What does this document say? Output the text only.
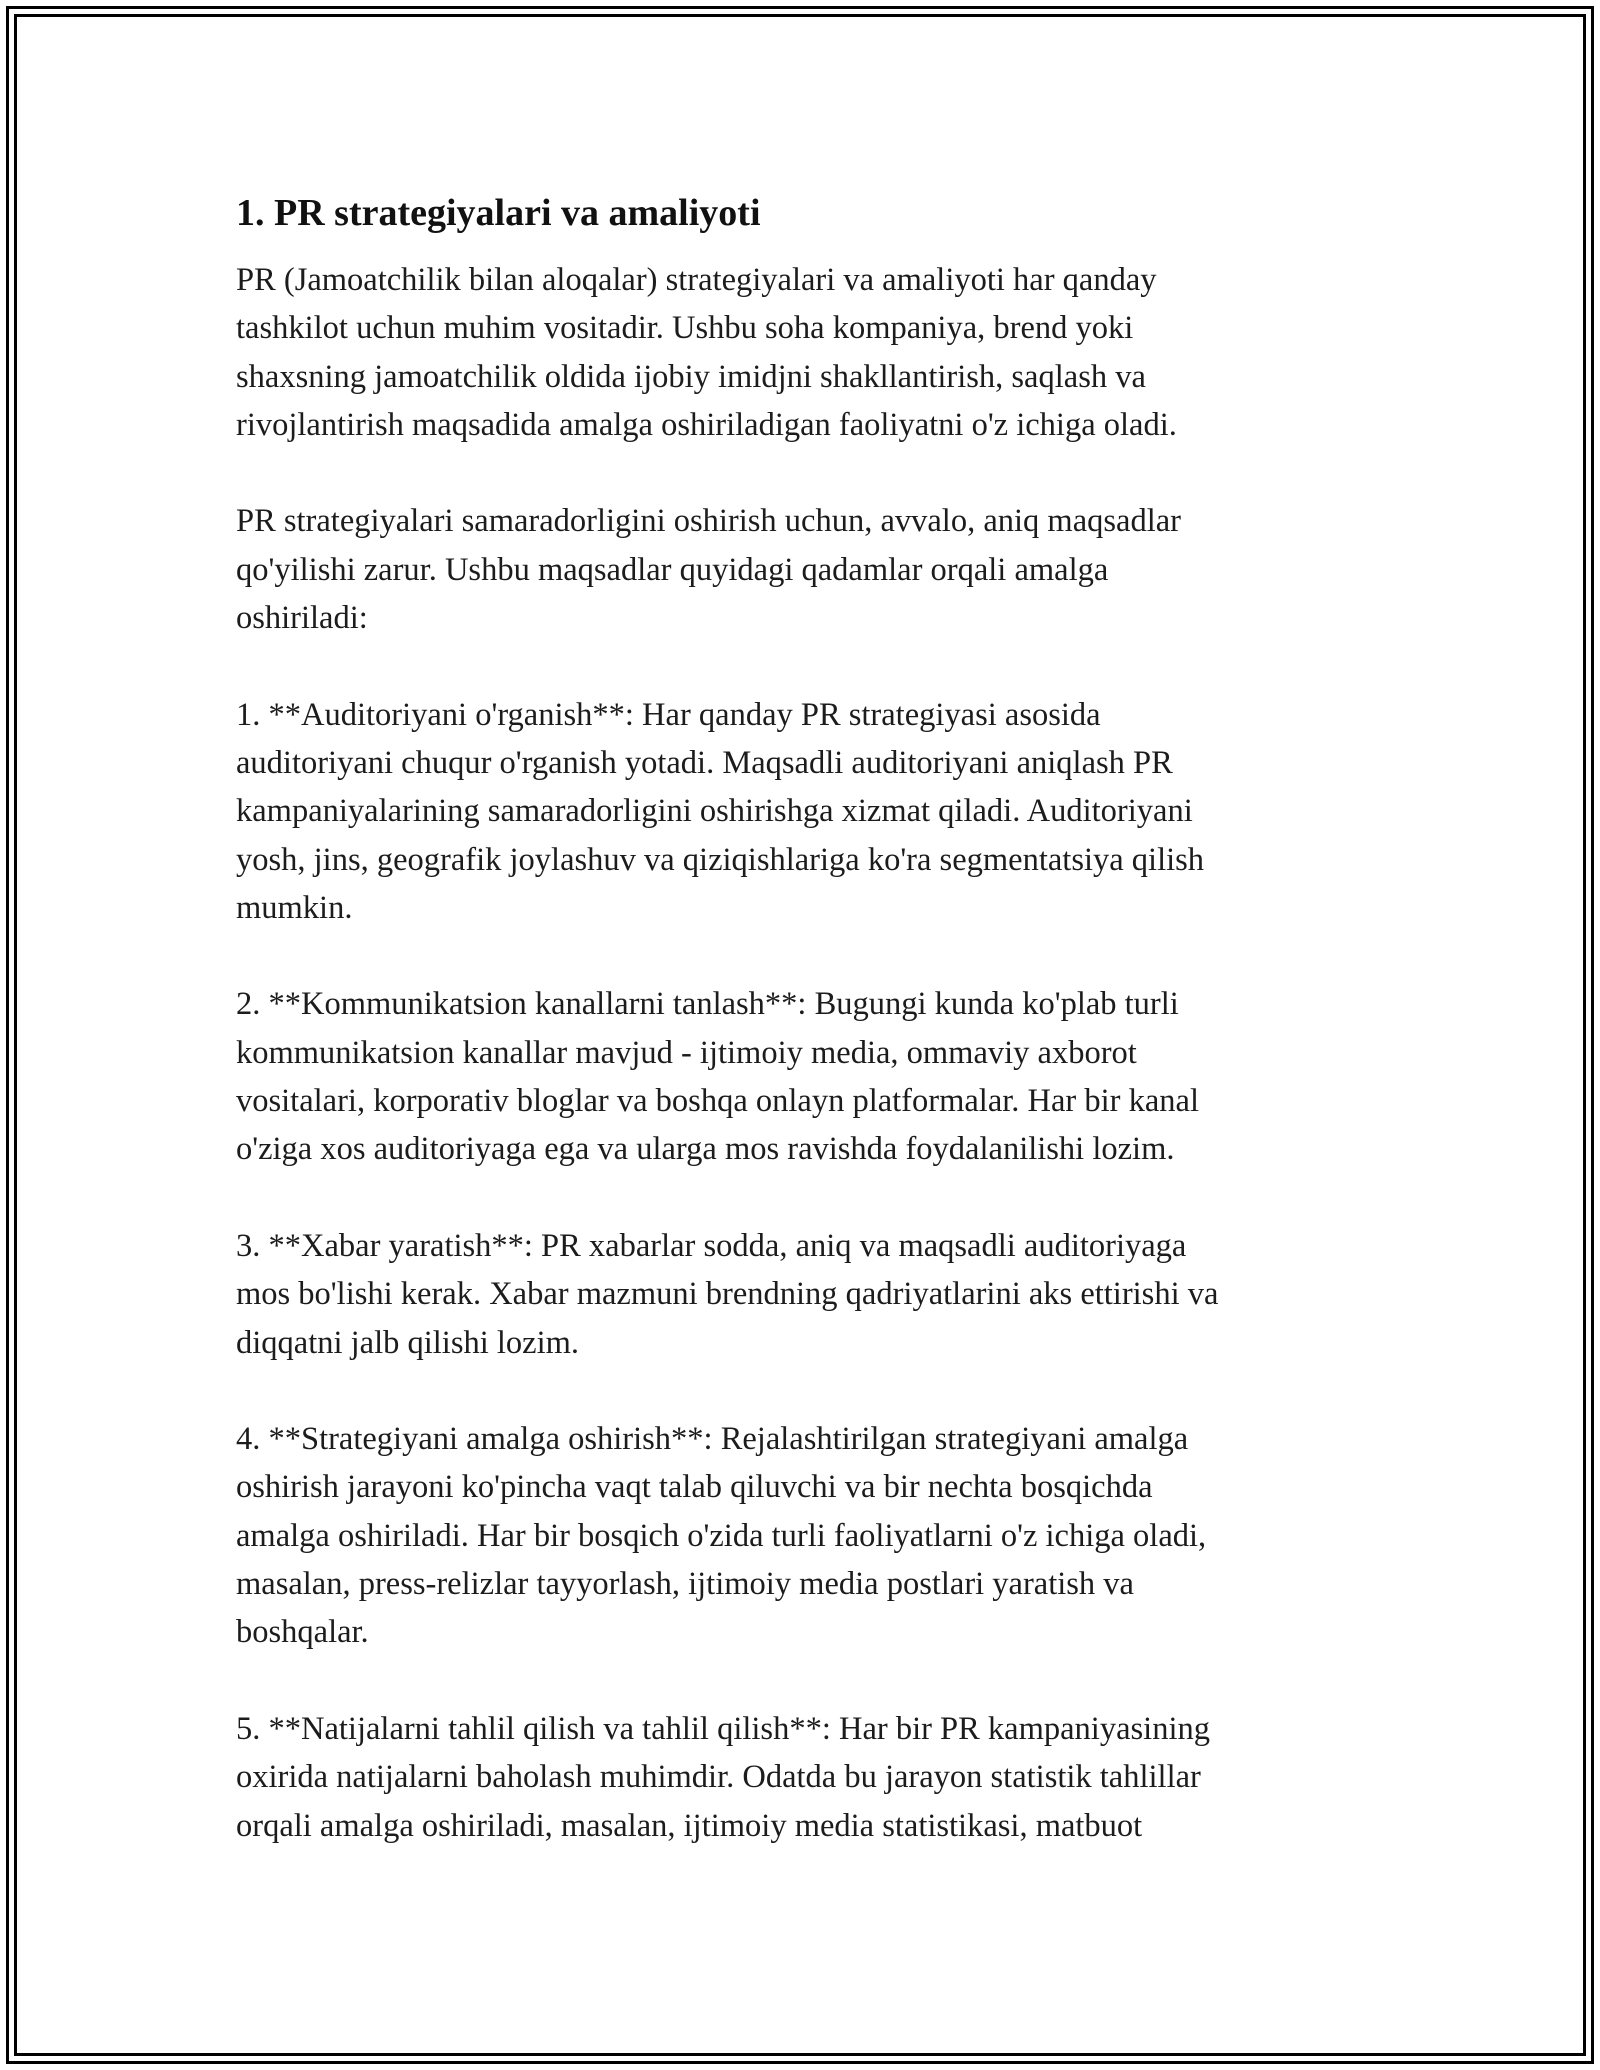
1. PR strategiyalari va amaliyoti

PR (Jamoatchilik bilan aloqalar) strategiyalari va amaliyoti har qanday
tashkilot uchun muhim vositadir. Ushbu soha kompaniya, brend yoki
shaxsning jamoatchilik oldida ijobiy imidjni shakllantirish, saqlash va
rivojlantirish maqsadida amalga oshiriladigan faoliyatni o'z ichiga oladi.

PR strategiyalari samaradorligini oshirish uchun, avvalo, aniq maqsadlar
qo'yilishi zarur. Ushbu maqsadlar quyidagi qadamlar orqali amalga
oshiriladi:

1. **Auditoriyani o'rganish**: Har qanday PR strategiyasi asosida
auditoriyani chuqur o'rganish yotadi. Maqsadli auditoriyani aniqlash PR
kampaniyalarining samaradorligini oshirishga xizmat qiladi. Auditoriyani
yosh, jins, geografik joylashuv va qiziqishlariga ko'ra segmentatsiya qilish
mumkin.

2. **Kommunikatsion kanallarni tanlash**: Bugungi kunda ko'plab turli
kommunikatsion kanallar mavjud - ijtimoiy media, ommaviy axborot
vositalari, korporativ bloglar va boshqa onlayn platformalar. Har bir kanal
o'ziga xos auditoriyaga ega va ularga mos ravishda foydalanilishi lozim.

3. **Xabar yaratish**: PR xabarlar sodda, aniq va maqsadli auditoriyaga
mos bo'lishi kerak. Xabar mazmuni brendning qadriyatlarini aks ettirishi va
diqqatni jalb qilishi lozim.

4. **Strategiyani amalga oshirish**: Rejalashtirilgan strategiyani amalga
oshirish jarayoni ko'pincha vaqt talab qiluvchi va bir nechta bosqichda
amalga oshiriladi. Har bir bosqich o'zida turli faoliyatlarni o'z ichiga oladi,
masalan, press-relizlar tayyorlash, ijtimoiy media postlari yaratish va
boshqalar.

5. **Natijalarni tahlil qilish va tahlil qilish**: Har bir PR kampaniyasining
oxirida natijalarni baholash muhimdir. Odatda bu jarayon statistik tahlillar
orqali amalga oshiriladi, masalan, ijtimoiy media statistikasi, matbuot
